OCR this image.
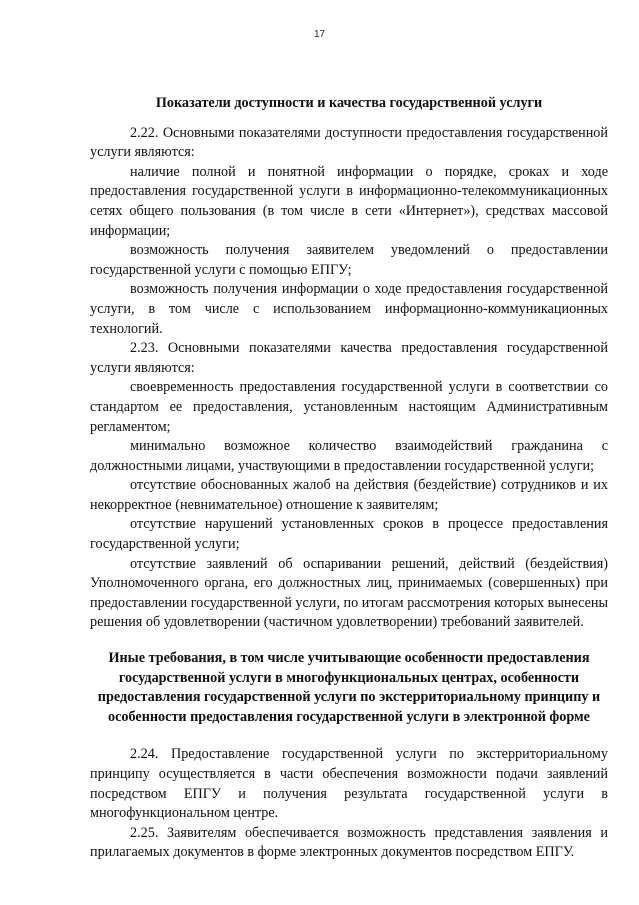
17

Показатели доступности и качества государственной услуги

2.22. Основными показателями доступности предоставления государственной услуги являются:

наличие полной и понятной информации о порядке, сроках и ходе предоставления государственной услуги в информационно-телекоммуникационных сетях общего пользования (в том числе в сети «Интернет»), средствах массовой информации;

возможность получения заявителем уведомлений о предоставлении государственной услуги с помощью ЕПГУ;

возможность получения информации о ходе предоставления государственной услуги, в том числе с использованием информационно-коммуникационных технологий.

2.23. Основными показателями качества предоставления государственной услуги являются:

своевременность предоставления государственной услуги в соответствии со стандартом ее предоставления, установленным настоящим Административным регламентом;

минимально возможное количество взаимодействий гражданина с должностными лицами, участвующими в предоставлении государственной услуги;

отсутствие обоснованных жалоб на действия (бездействие) сотрудников и их некорректное (невнимательное) отношение к заявителям;

отсутствие нарушений установленных сроков в процессе предоставления государственной услуги;

отсутствие заявлений об оспаривании решений, действий (бездействия) Уполномоченного органа, его должностных лиц, принимаемых (совершенных) при предоставлении государственной услуги, по итогам рассмотрения которых вынесены решения об удовлетворении (частичном удовлетворении) требований заявителей.

Иные требования, в том числе учитывающие особенности предоставления государственной услуги в многофункциональных центрах, особенности предоставления государственной услуги по экстерриториальному принципу и особенности предоставления государственной услуги в электронной форме

2.24. Предоставление государственной услуги по экстерриториальному принципу осуществляется в части обеспечения возможности подачи заявлений посредством ЕПГУ и получения результата государственной услуги в многофункциональном центре.

2.25. Заявителям обеспечивается возможность представления заявления и прилагаемых документов в форме электронных документов посредством ЕПГУ.
